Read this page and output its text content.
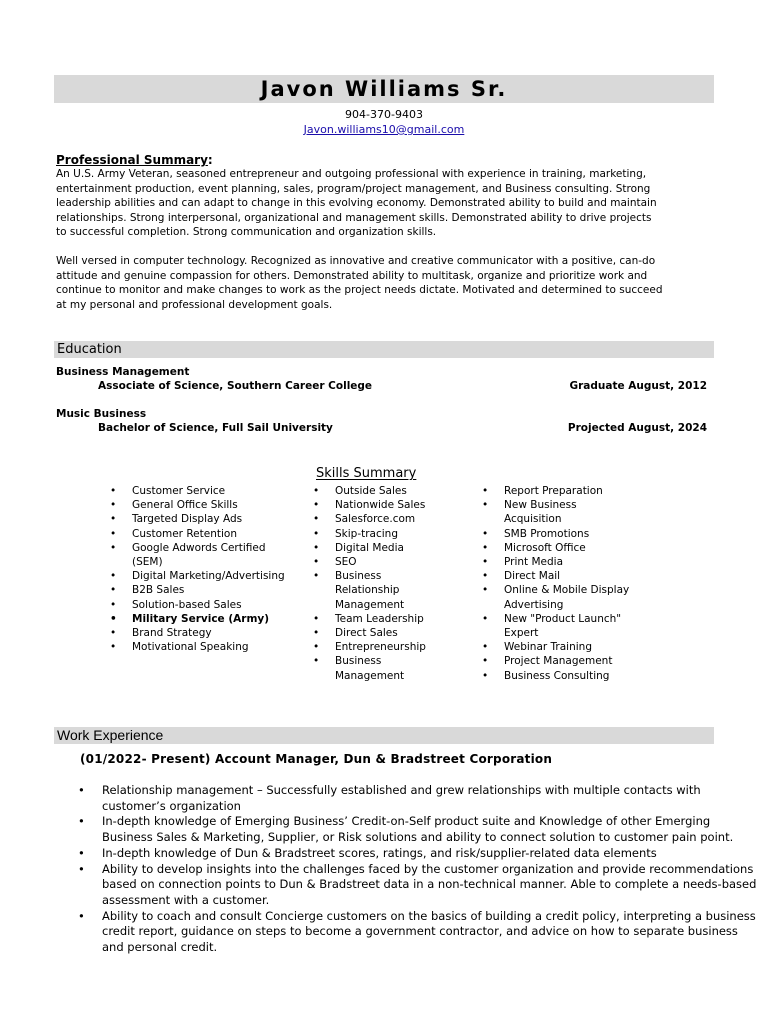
Javon Williams Sr.
904-370-9403
Javon.williams10@gmail.com
Professional Summary:
An U.S. Army Veteran, seasoned entrepreneur and outgoing professional with experience in training, marketing,
entertainment production, event planning, sales, program/project management, and Business consulting. Strong
leadership abilities and can adapt to change in this evolving economy. Demonstrated ability to build and maintain
relationships. Strong interpersonal, organizational and management skills. Demonstrated ability to drive projects
to successful completion. Strong communication and organization skills.
Well versed in computer technology. Recognized as innovative and creative communicator with a positive, can-do
attitude and genuine compassion for others. Demonstrated ability to multitask, organize and prioritize work and
continue to monitor and make changes to work as the project needs dictate. Motivated and determined to succeed
at my personal and professional development goals.
Education
Business Management
Associate of Science, Southern Career College	Graduate August, 2012
Music Business
Bachelor of Science, Full Sail University	Projected August, 2024
Skills Summary
• Customer Service
• General Office Skills
• Targeted Display Ads
• Customer Retention
• Google Adwords Certified (SEM)
• Digital Marketing/Advertising
• B2B Sales
• Solution-based Sales
• Military Service (Army)
• Brand Strategy
• Motivational Speaking
• Outside Sales
• Nationwide Sales
• Salesforce.com
• Skip-tracing
• Digital Media
• SEO
• Business Relationship Management
• Team Leadership
• Direct Sales
• Entrepreneurship
• Business Management
• Report Preparation
• New Business Acquisition
• SMB Promotions
• Microsoft Office
• Print Media
• Direct Mail
• Online & Mobile Display Advertising
• New "Product Launch" Expert
• Webinar Training
• Project Management
• Business Consulting
Work Experience
(01/2022- Present) Account Manager, Dun & Bradstreet Corporation
• Relationship management – Successfully established and grew relationships with multiple contacts with customer’s organization
• In-depth knowledge of Emerging Business’ Credit-on-Self product suite and Knowledge of other Emerging Business Sales & Marketing, Supplier, or Risk solutions and ability to connect solution to customer pain point.
• In-depth knowledge of Dun & Bradstreet scores, ratings, and risk/supplier-related data elements
• Ability to develop insights into the challenges faced by the customer organization and provide recommendations based on connection points to Dun & Bradstreet data in a non-technical manner. Able to complete a needs-based assessment with a customer.
• Ability to coach and consult Concierge customers on the basics of building a credit policy, interpreting a business credit report, guidance on steps to become a government contractor, and advice on how to separate business and personal credit.
